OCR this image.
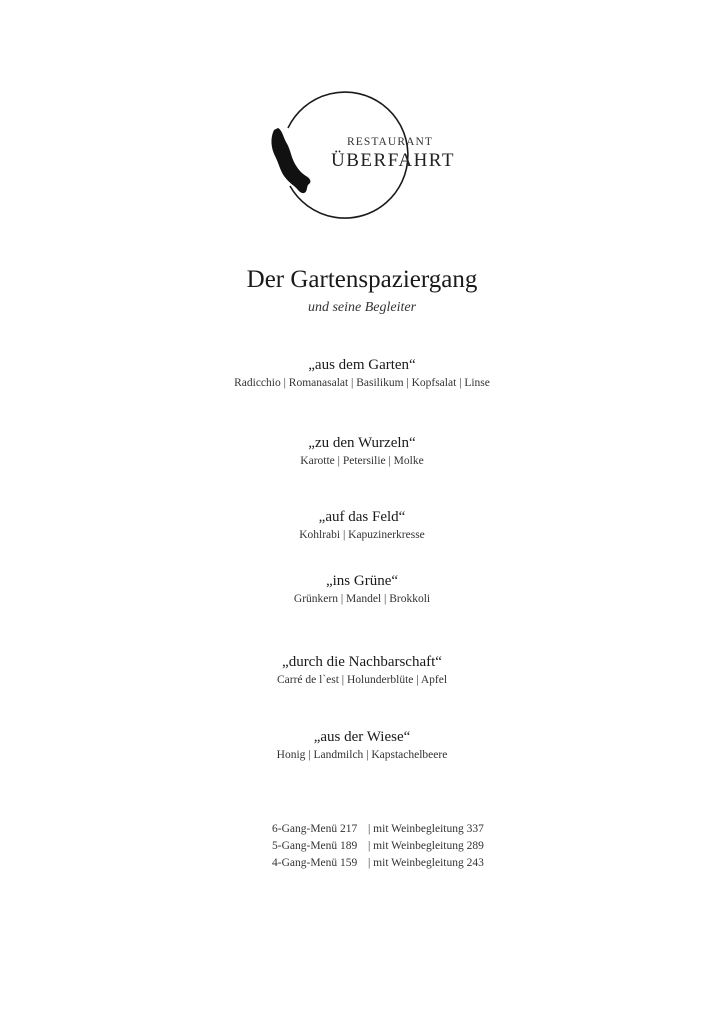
RESTAURANT
ÜBERFAHRT
Der Gartenspaziergang
und seine Begleiter
„aus dem Garten“
Radicchio | Romanasalat | Basilikum | Kopfsalat | Linse
„zu den Wurzeln“
Karotte | Petersilie | Molke
„auf das Feld“
Kohlrabi | Kapuzinerkresse
„ins Grüne“
Grünkern | Mandel | Brokkoli
„durch die Nachbarschaft“
Carré de l`est | Holunderblüte | Apfel
„aus der Wiese“
Honig | Landmilch | Kapstachelbeere
6-Gang-Menü 217 | mit Weinbegleitung 337
5-Gang-Menü 189 | mit Weinbegleitung 289
4-Gang-Menü 159 | mit Weinbegleitung 243
